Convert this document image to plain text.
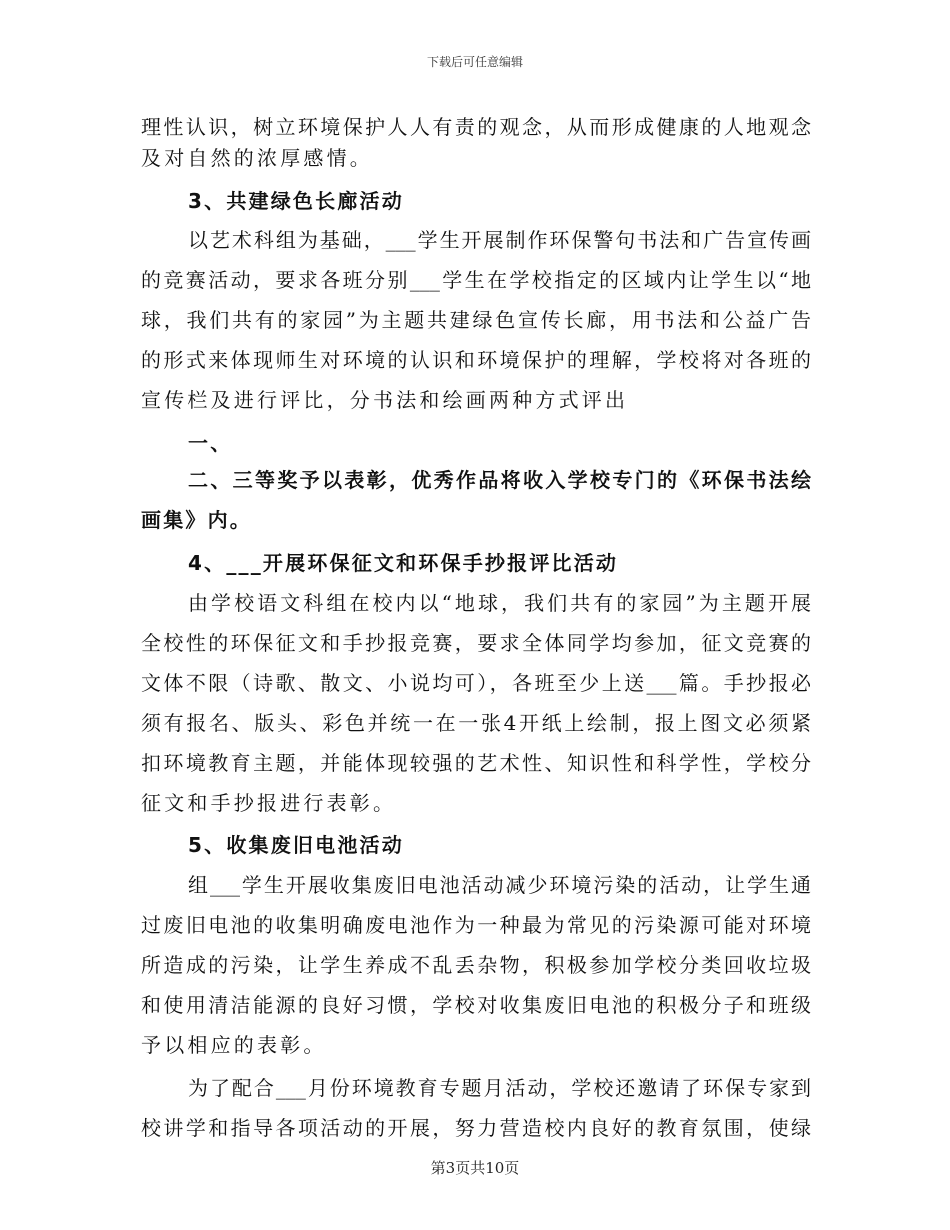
下载后可任意编辑
理性认识，树立环境保护人人有责的观念，从而形成健康的人地观念
及对自然的浓厚感情。
3、共建绿色长廊活动
以艺术科组为基础，___学生开展制作环保警句书法和广告宣传画
的竞赛活动，要求各班分别___学生在学校指定的区域内让学生以“地
球，我们共有的家园”为主题共建绿色宣传长廊，用书法和公益广告
的形式来体现师生对环境的认识和环境保护的理解，学校将对各班的
宣传栏及进行评比，分书法和绘画两种方式评出
一、
二、三等奖予以表彰，优秀作品将收入学校专门的《环保书法绘
画集》内。
4、___开展环保征文和环保手抄报评比活动
由学校语文科组在校内以“地球，我们共有的家园”为主题开展
全校性的环保征文和手抄报竞赛，要求全体同学均参加，征文竞赛的
文体不限（诗歌、散文、小说均可），各班至少上送___篇。手抄报必
须有报名、版头、彩色并统一在一张4开纸上绘制，报上图文必须紧
扣环境教育主题，并能体现较强的艺术性、知识性和科学性，学校分
征文和手抄报进行表彰。
5、收集废旧电池活动
组___学生开展收集废旧电池活动减少环境污染的活动，让学生通
过废旧电池的收集明确废电池作为一种最为常见的污染源可能对环境
所造成的污染，让学生养成不乱丢杂物，积极参加学校分类回收垃圾
和使用清洁能源的良好习惯，学校对收集废旧电池的积极分子和班级
予以相应的表彰。
为了配合___月份环境教育专题月活动，学校还邀请了环保专家到
校讲学和指导各项活动的开展，努力营造校内良好的教育氛围，使绿
第3页共10页
